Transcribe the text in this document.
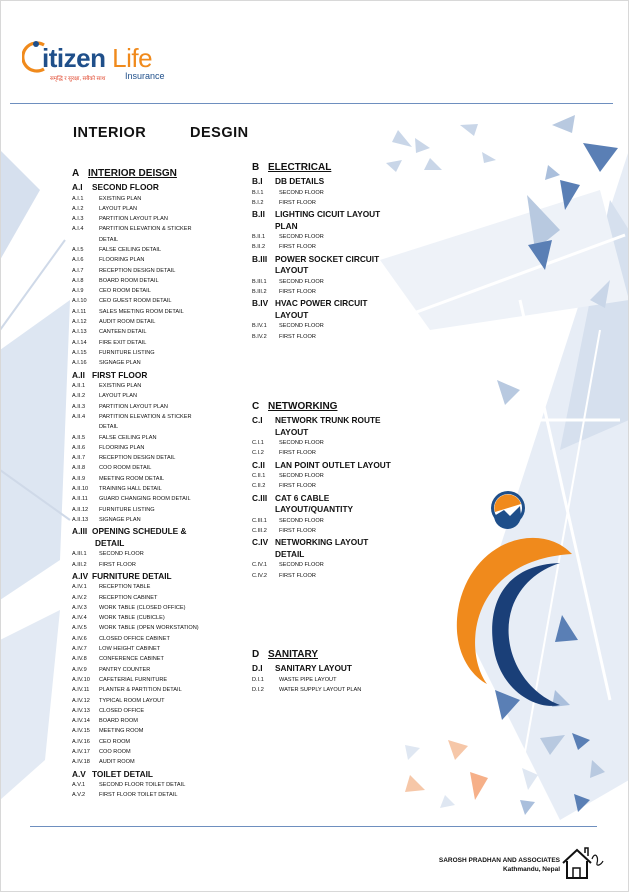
itizen Life
Insurance
समृद्धि र सुरक्षा, सबैको साथ
INTERIOR	DESGIN
A INTERIOR DEISGN
A.I SECOND FLOOR
A.I.1	EXISTING PLAN
A.I.2	LAYOUT PLAN
A.I.3	PARTITION LAYOUT PLAN
A.I.4	PARTITION ELEVATION & STICKER
DETAIL
A.I.5	FALSE CEILING DETAIL
A.I.6	FLOORING PLAN
A.I.7	RECEPTION DESIGN DETAIL
A.I.8	BOARD ROOM DETAIL
A.I.9	CEO ROOM DETAIL
A.I.10 CEO GUEST ROOM DETAIL
A.I.11 SALES MEETING ROOM DETAIL
A.I.12 AUDIT ROOM DETAIL
A.I.13 CANTEEN DETAIL
A.I.14 FIRE EXIT DETAIL
A.I.15 FURNITURE LISTING
A.I.16 SIGNAGE PLAN
A.II FIRST FLOOR
A.II.1 EXISTING PLAN
A.II.2 LAYOUT PLAN
A.II.3 PARTITION LAYOUT PLAN
A.II.4 PARTITION ELEVATION & STICKER
DETAIL
A.II.5 FALSE CEILING PLAN
A.II.6 FLOORING PLAN
A.II.7 RECEPTION DESIGN DETAIL
A.II.8 COO ROOM DETAIL
A.II.9 MEETING ROOM DETAIL
A.II.10 TRAINING HALL DETAIL
A.II.11 GUARD CHANGING ROOM DETAIL
A.II.12 FURNITURE LISTING
A.II.13 SIGNAGE PLAN
A.III OPENING SCHEDULE &
DETAIL
A.III.1 SECOND FLOOR
A.III.2 FIRST FLOOR
A.IV FURNITURE DETAIL
A.IV.1 RECEPTION TABLE
A.IV.2 RECEPTION CABINET
A.IV.3 WORK TABLE (CLOSED OFFICE)
A.IV.4 WORK TABLE (CUBICLE)
A.IV.5 WORK TABLE (OPEN WORKSTATION)
A.IV.6 CLOSED OFFICE CABINET
A.IV.7 LOW HEIGHT CABINET
A.IV.8 CONFERENCE CABINET
A.IV.9 PANTRY COUNTER
A.IV.10 CAFETERIAL FURNITURE
A.IV.11 PLANTER & PARTITION DETAIL
A.IV.12 TYPICAL ROOM LAYOUT
A.IV.13 CLOSED OFFICE
A.IV.14 BOARD ROOM
A.IV.15 MEETING ROOM
A.IV.16 CEO ROOM
A.IV.17 COO ROOM
A.IV.18 AUDIT ROOM
A.V TOILET DETAIL
A.V.1 SECOND FLOOR TOILET DETAIL
A.V.2 FIRST FLOOR TOILET DETAIL
B ELECTRICAL
B.I DB DETAILS
B.I.1	SECOND FLOOR
B.I.2	FIRST FLOOR
B.II LIGHTING CICUIT LAYOUT
PLAN
B.II.1 SECOND FLOOR
B.II.2 FIRST FLOOR
B.III POWER SOCKET CIRCUIT
LAYOUT
B.III.1 SECOND FLOOR
B.III.2 FIRST FLOOR
B.IV HVAC POWER CIRCUIT
LAYOUT
B.IV.1 SECOND FLOOR
B.IV.2 FIRST FLOOR
C NETWORKING
C.I NETWORK TRUNK ROUTE
LAYOUT
C.I.1	SECOND FLOOR
C.I.2	FIRST FLOOR
C.II LAN POINT OUTLET LAYOUT
C.II.1 SECOND FLOOR
C.II.2 FIRST FLOOR
C.III CAT 6 CABLE
LAYOUT/QUANTITY
C.III.1 SECOND FLOOR
C.III.2 FIRST FLOOR
C.IV NETWORKING LAYOUT
DETAIL
C.IV.1 SECOND FLOOR
C.IV.2 FIRST FLOOR
D SANITARY
D.I SANITARY LAYOUT
D.I.1	WASTE PIPE LAYOUT
D.I.2	WATER SUPPLY LAYOUT PLAN
SAROSH PRADHAN AND ASSOCIATES
Kathmandu, Nepal
